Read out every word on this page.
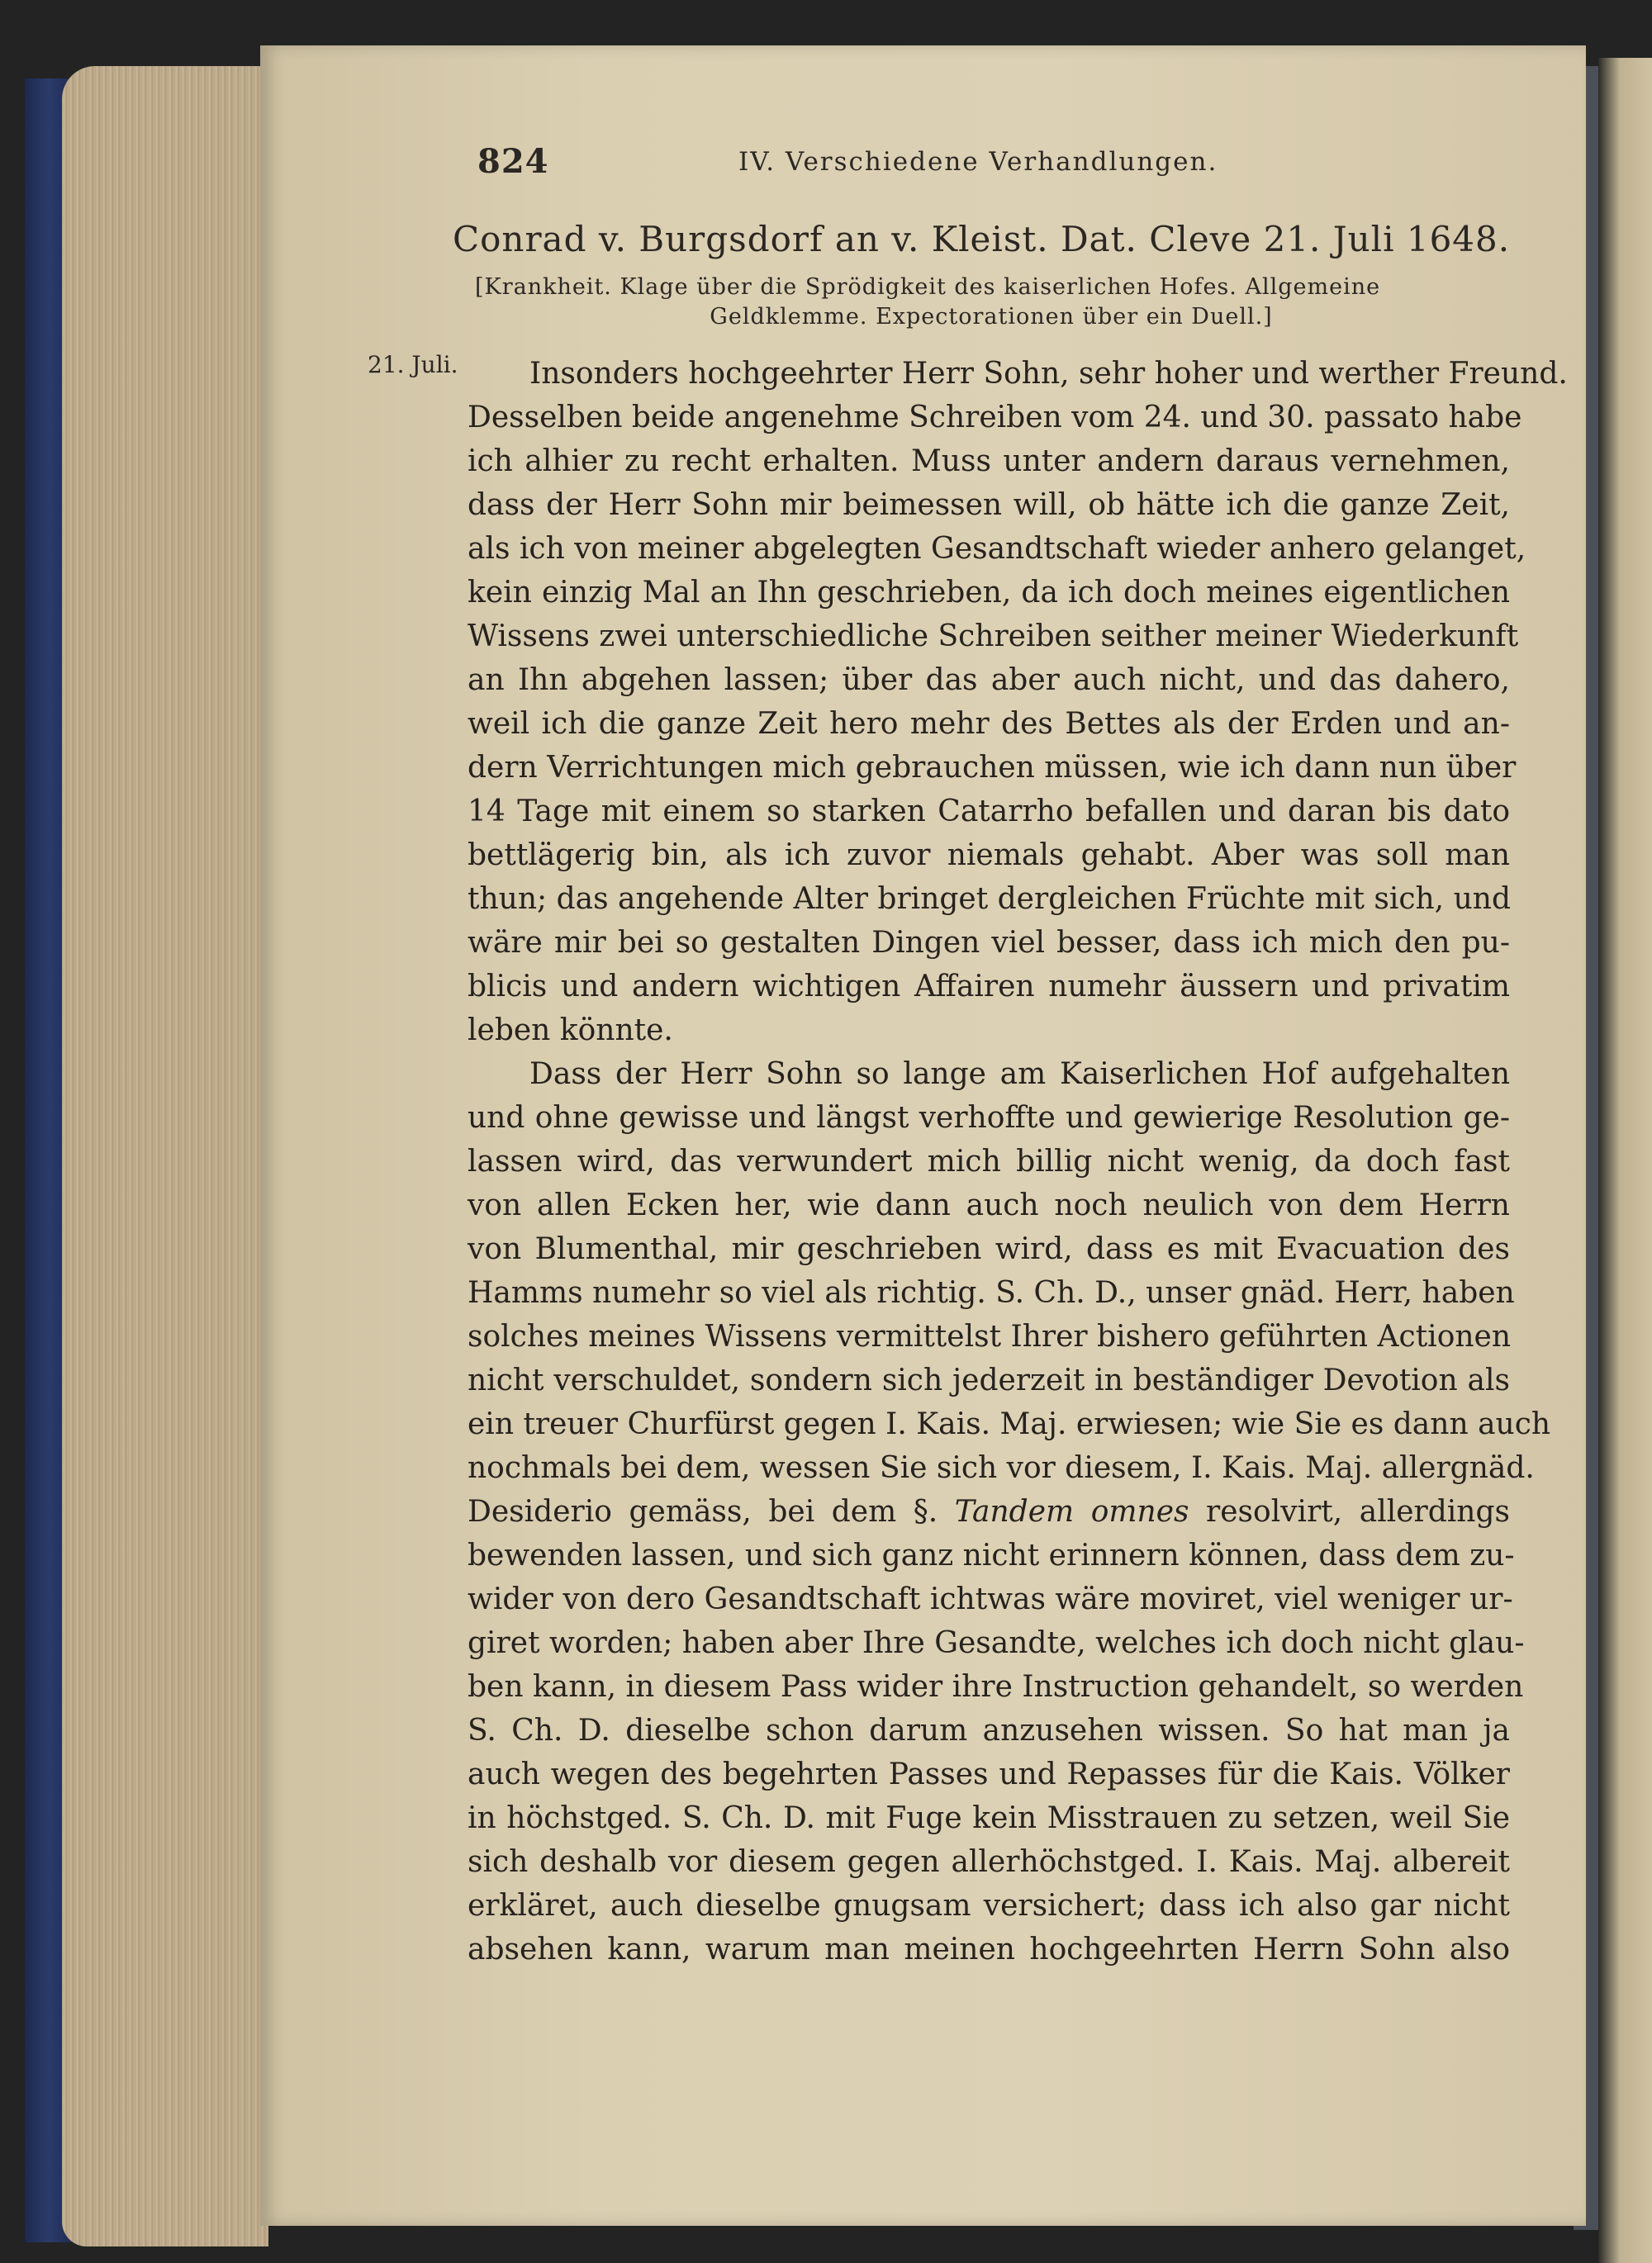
824	IV. Verschiedene Verhandlungen.
Conrad v. Burgsdorf an v. Kleist. Dat. Cleve 21. Juli 1648.
[Krankheit. Klage über die Sprödigkeit des kaiserlichen Hofes. Allgemeine
Geldklemme. Expectorationen über ein Duell.]
21. Juli.	Insonders hochgeehrter Herr Sohn, sehr hoher und werther Freund.
Desselben beide angenehme Schreiben vom 24. und 30. passato habe
ich alhier zu recht erhalten. Muss unter andern daraus vernehmen,
dass der Herr Sohn mir beimessen will, ob hätte ich die ganze Zeit,
als ich von meiner abgelegten Gesandtschaft wieder anhero gelanget,
kein einzig Mal an Ihn geschrieben, da ich doch meines eigentlichen
Wissens zwei unterschiedliche Schreiben seither meiner Wiederkunft
an Ihn abgehen lassen; über das aber auch nicht, und das dahero,
weil ich die ganze Zeit hero mehr des Bettes als der Erden und an-
dern Verrichtungen mich gebrauchen müssen, wie ich dann nun über
14 Tage mit einem so starken Catarrho befallen und daran bis dato
bettlägerig bin, als ich zuvor niemals gehabt. Aber was soll man
thun; das angehende Alter bringet dergleichen Früchte mit sich, und
wäre mir bei so gestalten Dingen viel besser, dass ich mich den pu-
blicis und andern wichtigen Affairen numehr äussern und privatim
leben könnte.
Dass der Herr Sohn so lange am Kaiserlichen Hof aufgehalten
und ohne gewisse und längst verhoffte und gewierige Resolution ge-
lassen wird, das verwundert mich billig nicht wenig, da doch fast
von allen Ecken her, wie dann auch noch neulich von dem Herrn
von Blumenthal, mir geschrieben wird, dass es mit Evacuation des
Hamms numehr so viel als richtig. S. Ch. D., unser gnäd. Herr, haben
solches meines Wissens vermittelst Ihrer bishero geführten Actionen
nicht verschuldet, sondern sich jederzeit in beständiger Devotion als
ein treuer Churfürst gegen I. Kais. Maj. erwiesen; wie Sie es dann auch
nochmals bei dem, wessen Sie sich vor diesem, I. Kais. Maj. allergnäd.
Desiderio gemäss, bei dem §. Tandem omnes resolvirt, allerdings
bewenden lassen, und sich ganz nicht erinnern können, dass dem zu-
wider von dero Gesandtschaft ichtwas wäre moviret, viel weniger ur-
giret worden; haben aber Ihre Gesandte, welches ich doch nicht glau-
ben kann, in diesem Pass wider ihre Instruction gehandelt, so werden
S. Ch. D. dieselbe schon darum anzusehen wissen. So hat man ja
auch wegen des begehrten Passes und Repasses für die Kais. Völker
in höchstged. S. Ch. D. mit Fuge kein Misstrauen zu setzen, weil Sie
sich deshalb vor diesem gegen allerhöchstged. I. Kais. Maj. albereit
erkläret, auch dieselbe gnugsam versichert; dass ich also gar nicht
absehen kann, warum man meinen hochgeehrten Herrn Sohn also
